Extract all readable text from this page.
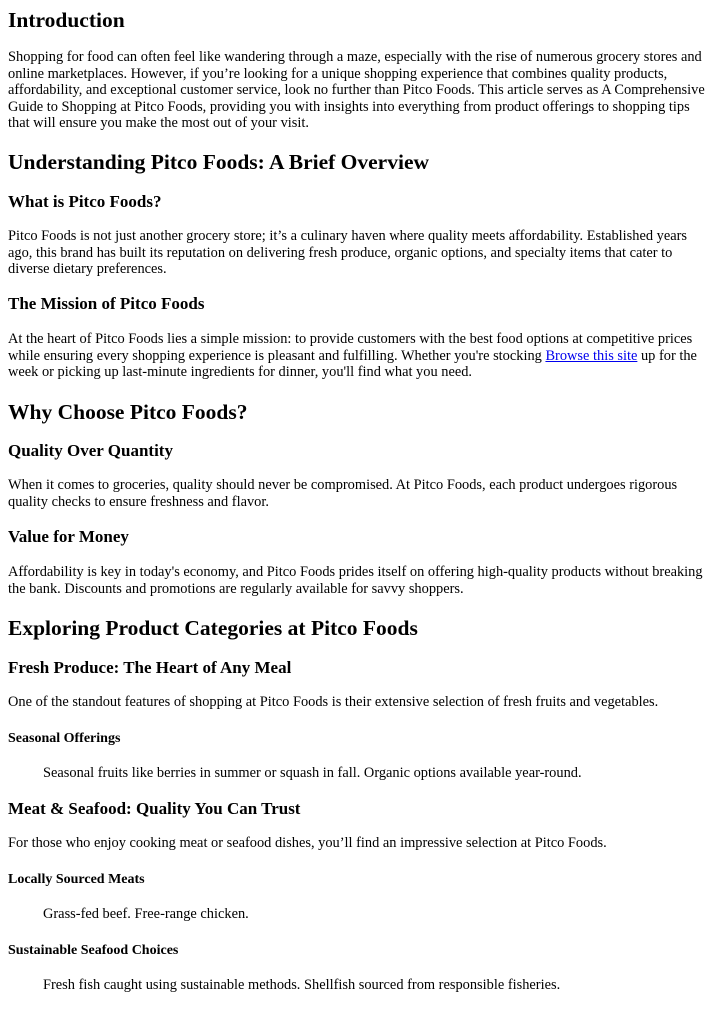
Introduction

Shopping for food can often feel like wandering through a maze, especially with the rise of numerous grocery stores and online marketplaces. However, if you’re looking for a unique shopping experience that combines quality products, affordability, and exceptional customer service, look no further than Pitco Foods. This article serves as A Comprehensive Guide to Shopping at Pitco Foods, providing you with insights into everything from product offerings to shopping tips that will ensure you make the most out of your visit.

Understanding Pitco Foods: A Brief Overview
What is Pitco Foods?

Pitco Foods is not just another grocery store; it’s a culinary haven where quality meets affordability. Established years ago, this brand has built its reputation on delivering fresh produce, organic options, and specialty items that cater to diverse dietary preferences.

The Mission of Pitco Foods

At the heart of Pitco Foods lies a simple mission: to provide customers with the best food options at competitive prices while ensuring every shopping experience is pleasant and fulfilling. Whether you're stocking Browse this site up for the week or picking up last-minute ingredients for dinner, you'll find what you need.

Why Choose Pitco Foods?
Quality Over Quantity

When it comes to groceries, quality should never be compromised. At Pitco Foods, each product undergoes rigorous quality checks to ensure freshness and flavor.

Value for Money

Affordability is key in today's economy, and Pitco Foods prides itself on offering high-quality products without breaking the bank. Discounts and promotions are regularly available for savvy shoppers.

Exploring Product Categories at Pitco Foods
Fresh Produce: The Heart of Any Meal

One of the standout features of shopping at Pitco Foods is their extensive selection of fresh fruits and vegetables.

Seasonal Offerings
Seasonal fruits like berries in summer or squash in fall. Organic options available year-round.
Meat & Seafood: Quality You Can Trust

For those who enjoy cooking meat or seafood dishes, you’ll find an impressive selection at Pitco Foods.

Locally Sourced Meats
Grass-fed beef. Free-range chicken.
Sustainable Seafood Choices
Fresh fish caught using sustainable methods. Shellfish sourced from responsible fisheries.
